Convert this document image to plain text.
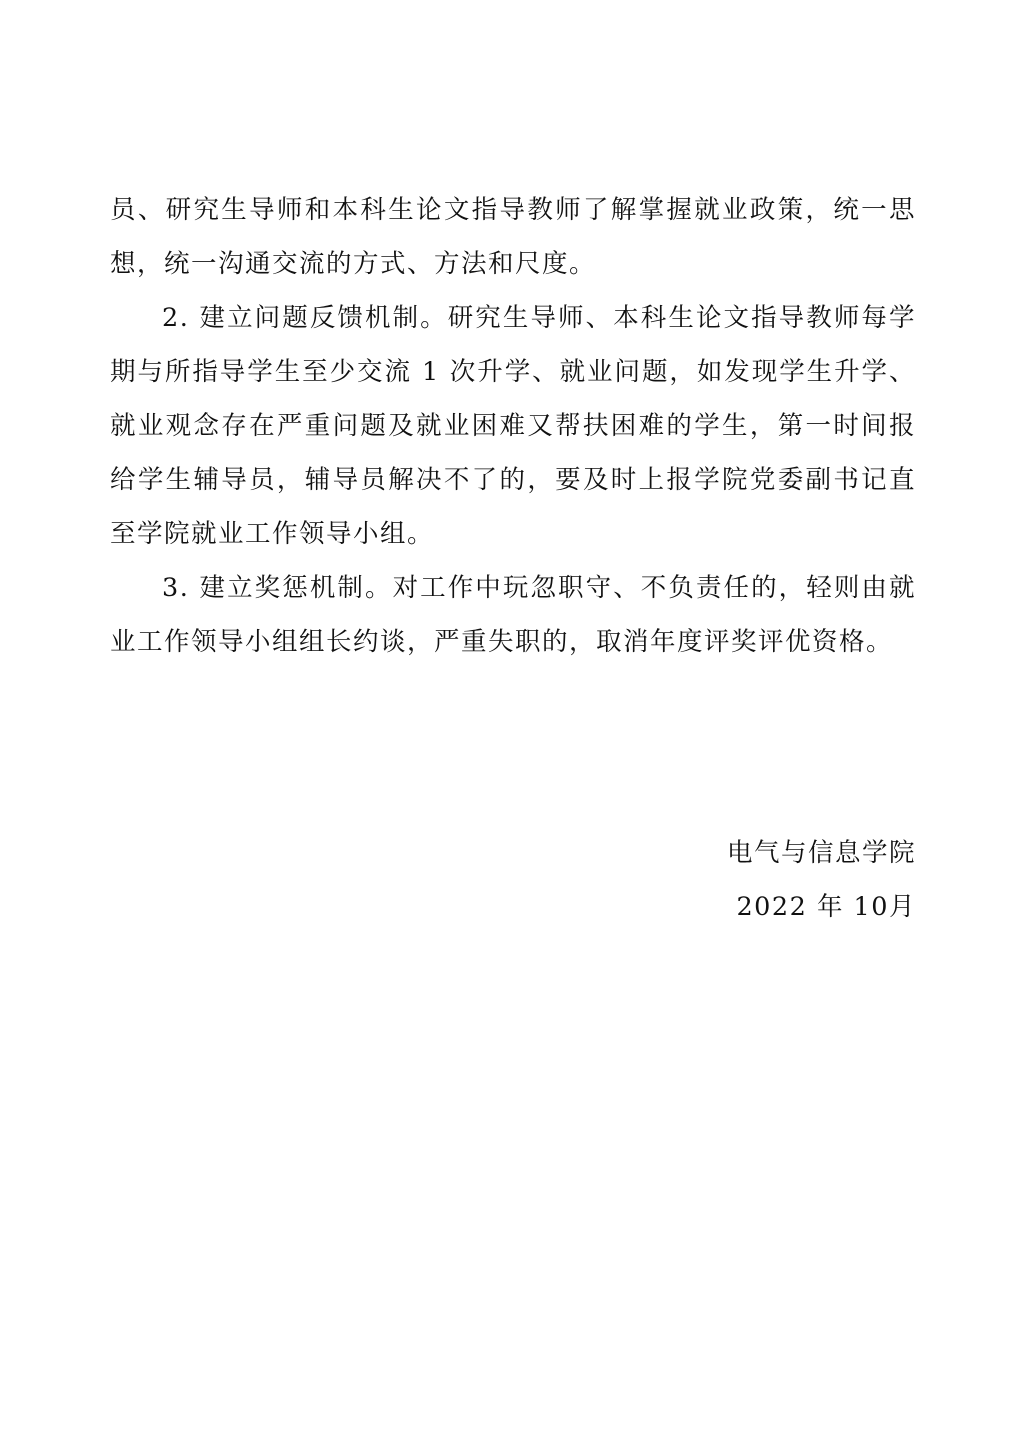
员、研究生导师和本科生论文指导教师了解掌握就业政策，统一思想，统一沟通交流的方式、方法和尺度。

2. 建立问题反馈机制。研究生导师、本科生论文指导教师每学期与所指导学生至少交流 1 次升学、就业问题，如发现学生升学、就业观念存在严重问题及就业困难又帮扶困难的学生，第一时间报给学生辅导员，辅导员解决不了的，要及时上报学院党委副书记直至学院就业工作领导小组。

3. 建立奖惩机制。对工作中玩忽职守、不负责任的，轻则由就业工作领导小组组长约谈，严重失职的，取消年度评奖评优资格。

电气与信息学院
2022 年 10月
